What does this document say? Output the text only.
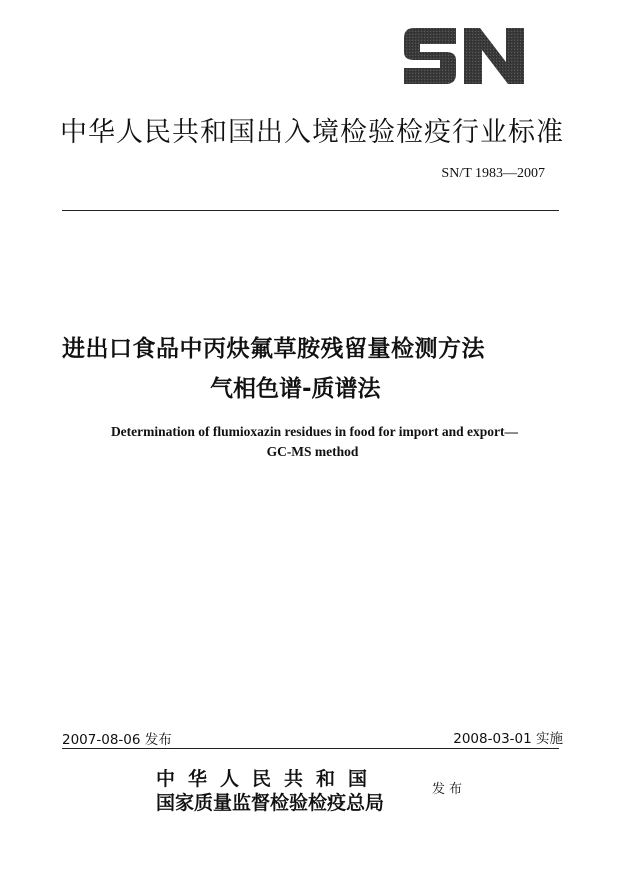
中华人民共和国出入境检验检疫行业标准
SN/T 1983—2007
进出口食品中丙炔氟草胺残留量检测方法
气相色谱-质谱法
Determination of flumioxazin residues in food for import and export—
GC-MS method
2007-08-06 发布	2008-03-01 实施
中华人民共和国
国家质量监督检验检疫总局
发布
